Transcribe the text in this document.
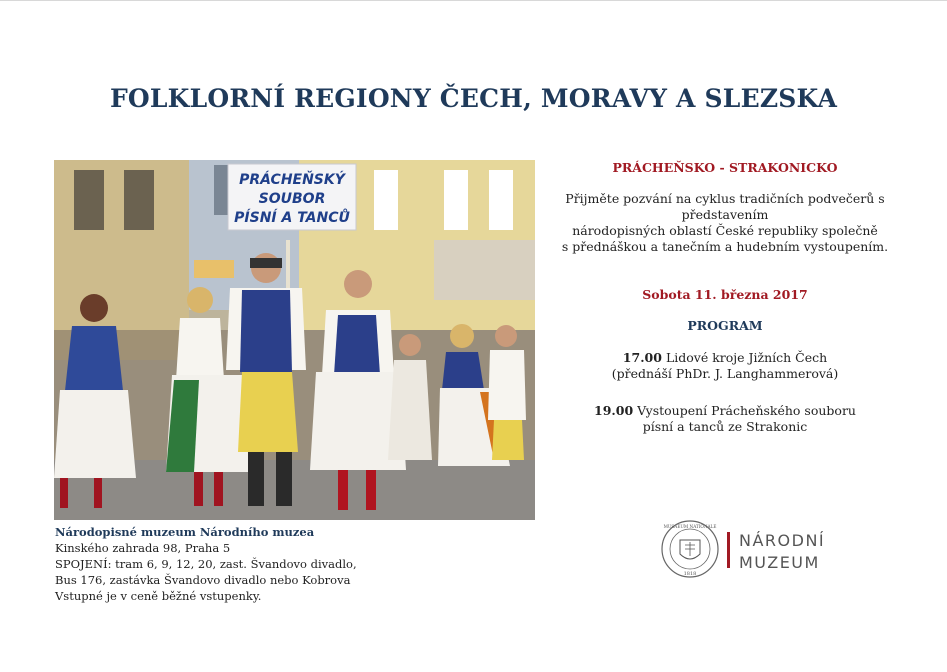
FOLKLORNÍ REGIONY ČECH, MORAVY A SLEZSKA
PRÁCHEŇSKÝ
SOUBOR
PÍSNÍ A TANCŮ
Národopisné muzeum Národního muzea
Kinského zahrada 98, Praha 5
SPOJENÍ: tram 6, 9, 12, 20, zast. Švandovo divadlo,
Bus 176, zastávka Švandovo divadlo nebo Kobrova
Vstupné je v ceně běžné vstupenky.
PRÁCHEŇSKO - STRAKONICKO
Přijměte pozvání na cyklus tradičních podvečerů s
představením
národopisných oblastí České republiky společně
s přednáškou a tanečním a hudebním vystoupením.
Sobota 11. března 2017
PROGRAM
17.00 Lidové kroje Jižních Čech
(přednáší PhDr. J. Langhammerová)
19.00 Vystoupení Prácheňského souboru
písní a tanců ze Strakonic
1818
MUSAEUM NATIONALE
NÁRODNÍ
MUZEUM
